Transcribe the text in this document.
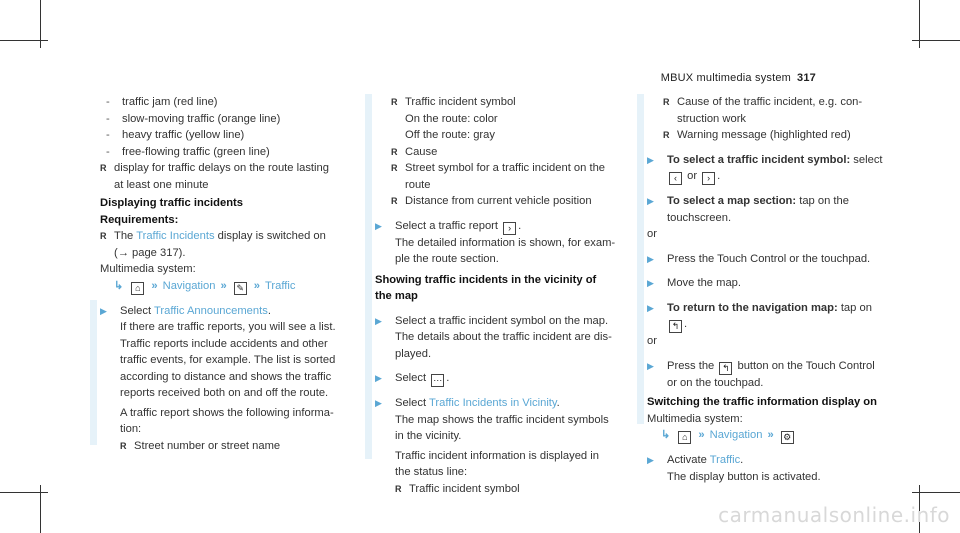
MBUX multimedia system 317
- traffic jam (red line)
- slow-moving traffic (orange line)
- heavy traffic (yellow line)
- free-flowing traffic (green line)
R display for traffic delays on the route lasting
at least one minute
Displaying traffic incidents
Requirements:
R The Traffic Incidents display is switched on
(→ page 317).
Multimedia system:
↳ ⌂ » Navigation » ✎ » Traffic
▶ Select Traffic Announcements.
If there are traffic reports, you will see a list.
Traffic reports include accidents and other
traffic events, for example. The list is sorted
according to distance and shows the traffic
reports received both on and off the route.
A traffic report shows the following informa-
tion:
R Street number or street name
R Traffic incident symbol
On the route: color
Off the route: gray
R Cause
R Street symbol for a traffic incident on the
route
R Distance from current vehicle position
▶ Select a traffic report › .
The detailed information is shown, for exam-
ple the route section.
Showing traffic incidents in the vicinity of
the map
▶ Select a traffic incident symbol on the map.
The details about the traffic incident are dis-
played.
▶ Select ⋯ .
▶ Select Traffic Incidents in Vicinity.
The map shows the traffic incident symbols
in the vicinity.
Traffic incident information is displayed in
the status line:
R Traffic incident symbol
R Cause of the traffic incident, e.g. con-
struction work
R Warning message (highlighted red)
▶ To select a traffic incident symbol: select
‹ or › .
▶ To select a map section: tap on the
touchscreen.
or
▶ Press the Touch Control or the touchpad.
▶ Move the map.
▶ To return to the navigation map: tap on
↰ .
or
▶ Press the ↰ button on the Touch Control
or on the touchpad.
Switching the traffic information display on
Multimedia system:
↳ ⌂ » Navigation » ⚙
▶ Activate Traffic.
The display button is activated.
carmanualsonline.info
